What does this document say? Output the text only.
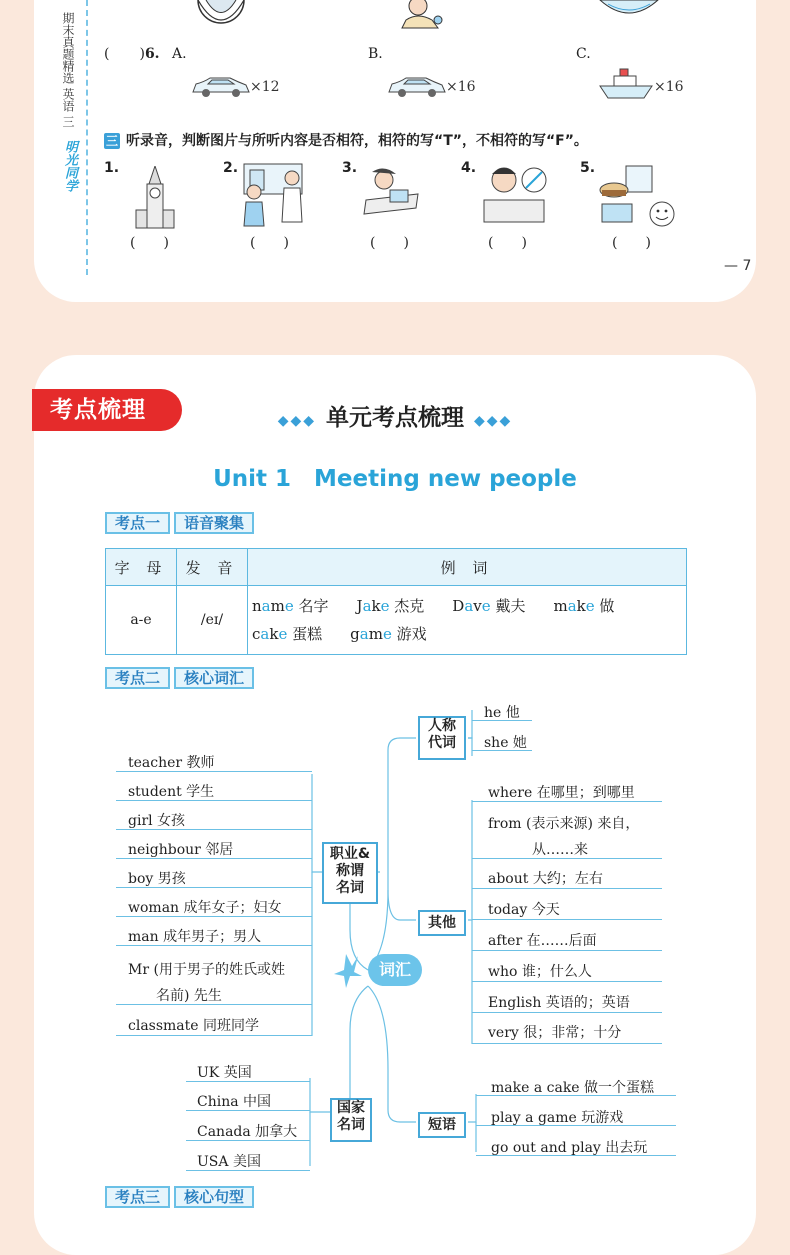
期末真题精选 英语 三
明光同学
( )6. A.	B.	C.
×12	×16	×16
三 听录音，判断图片与所听内容是否相符，相符的写“T”，不相符的写“F”。
1.
(　　)
2.
(　　)
3.
(　　)
4.
(　　)
5.
(　　)
— 7
考点梳理	◆◆◆ 单元考点梳理 ◆◆◆
Unit 1　Meeting new people
考点一	语音聚集
字 母	发 音	例 词
a-e	/eɪ/	name 名字 Jake 杰克 Dave 戴夫 make 做
cake 蛋糕 game 游戏
考点二	核心词汇
词汇
职业&
称谓
名词
人称
代词
其他
国家
名词	短语
teacher 教师
student 学生
girl 女孩
neighbour 邻居
boy 男孩
woman 成年女子；妇女
man 成年男子；男人
Mr (用于男子的姓氏或姓
名前) 先生
classmate 同班同学
he 他
she 她
where 在哪里；到哪里
from (表示来源) 来自，
从……来
about 大约；左右
today 今天
after 在……后面
who 谁；什么人
English 英语的；英语
very 很；非常；十分
UK 英国
China 中国
Canada 加拿大
USA 美国
make a cake 做一个蛋糕
play a game 玩游戏
go out and play 出去玩
考点三	核心句型
